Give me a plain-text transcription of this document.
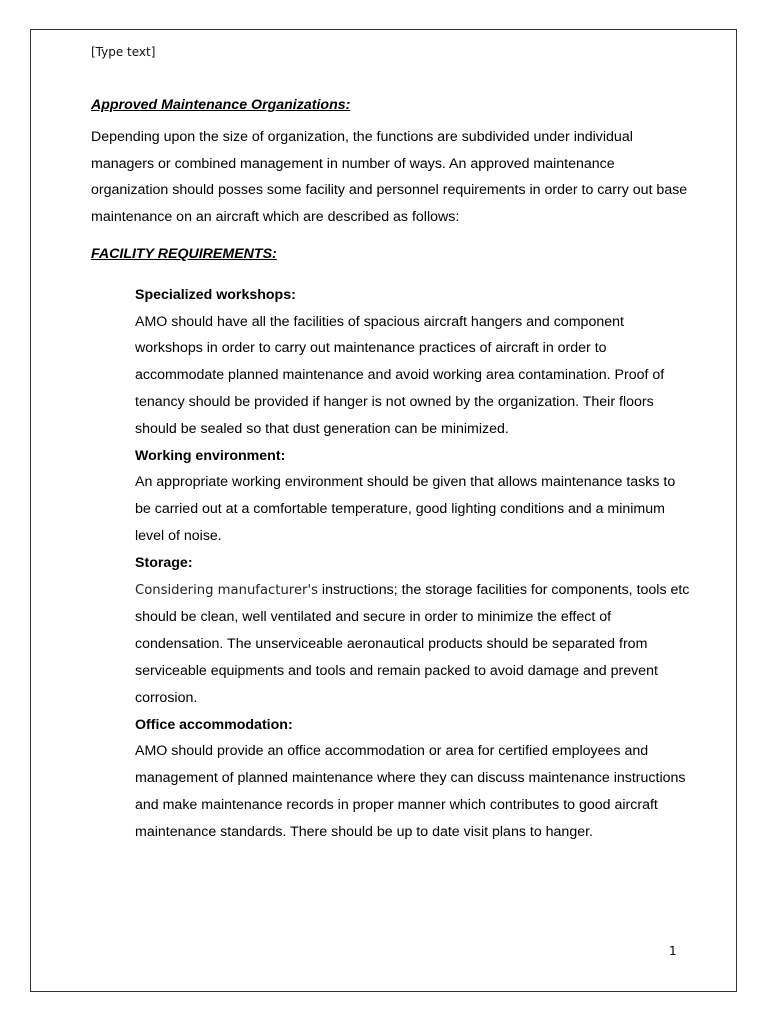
[Type text]

Approved Maintenance Organizations:

Depending upon the size of organization, the functions are subdivided under individual managers or combined management in number of ways. An approved maintenance organization should posses some facility and personnel requirements in order to carry out base maintenance on an aircraft which are described as follows:

FACILITY REQUIREMENTS:

Specialized workshops:

AMO should have all the facilities of spacious aircraft hangers and component workshops in order to carry out maintenance practices of aircraft in order to accommodate planned maintenance and avoid working area contamination. Proof of tenancy should be provided if hanger is not owned by the organization. Their floors should be sealed so that dust generation can be minimized.

Working environment:

An appropriate working environment should be given that allows maintenance tasks to be carried out at a comfortable temperature, good lighting conditions and a minimum level of noise.

Storage:

Considering manufacturer's instructions; the storage facilities for components, tools etc should be clean, well ventilated and secure in order to minimize the effect of condensation. The unserviceable aeronautical products should be separated from serviceable equipments and tools and remain packed to avoid damage and prevent corrosion.

Office accommodation:

AMO should provide an office accommodation or area for certified employees and management of planned maintenance where they can discuss maintenance instructions and make maintenance records in proper manner which contributes to good aircraft maintenance standards. There should be up to date visit plans to hanger.

1
